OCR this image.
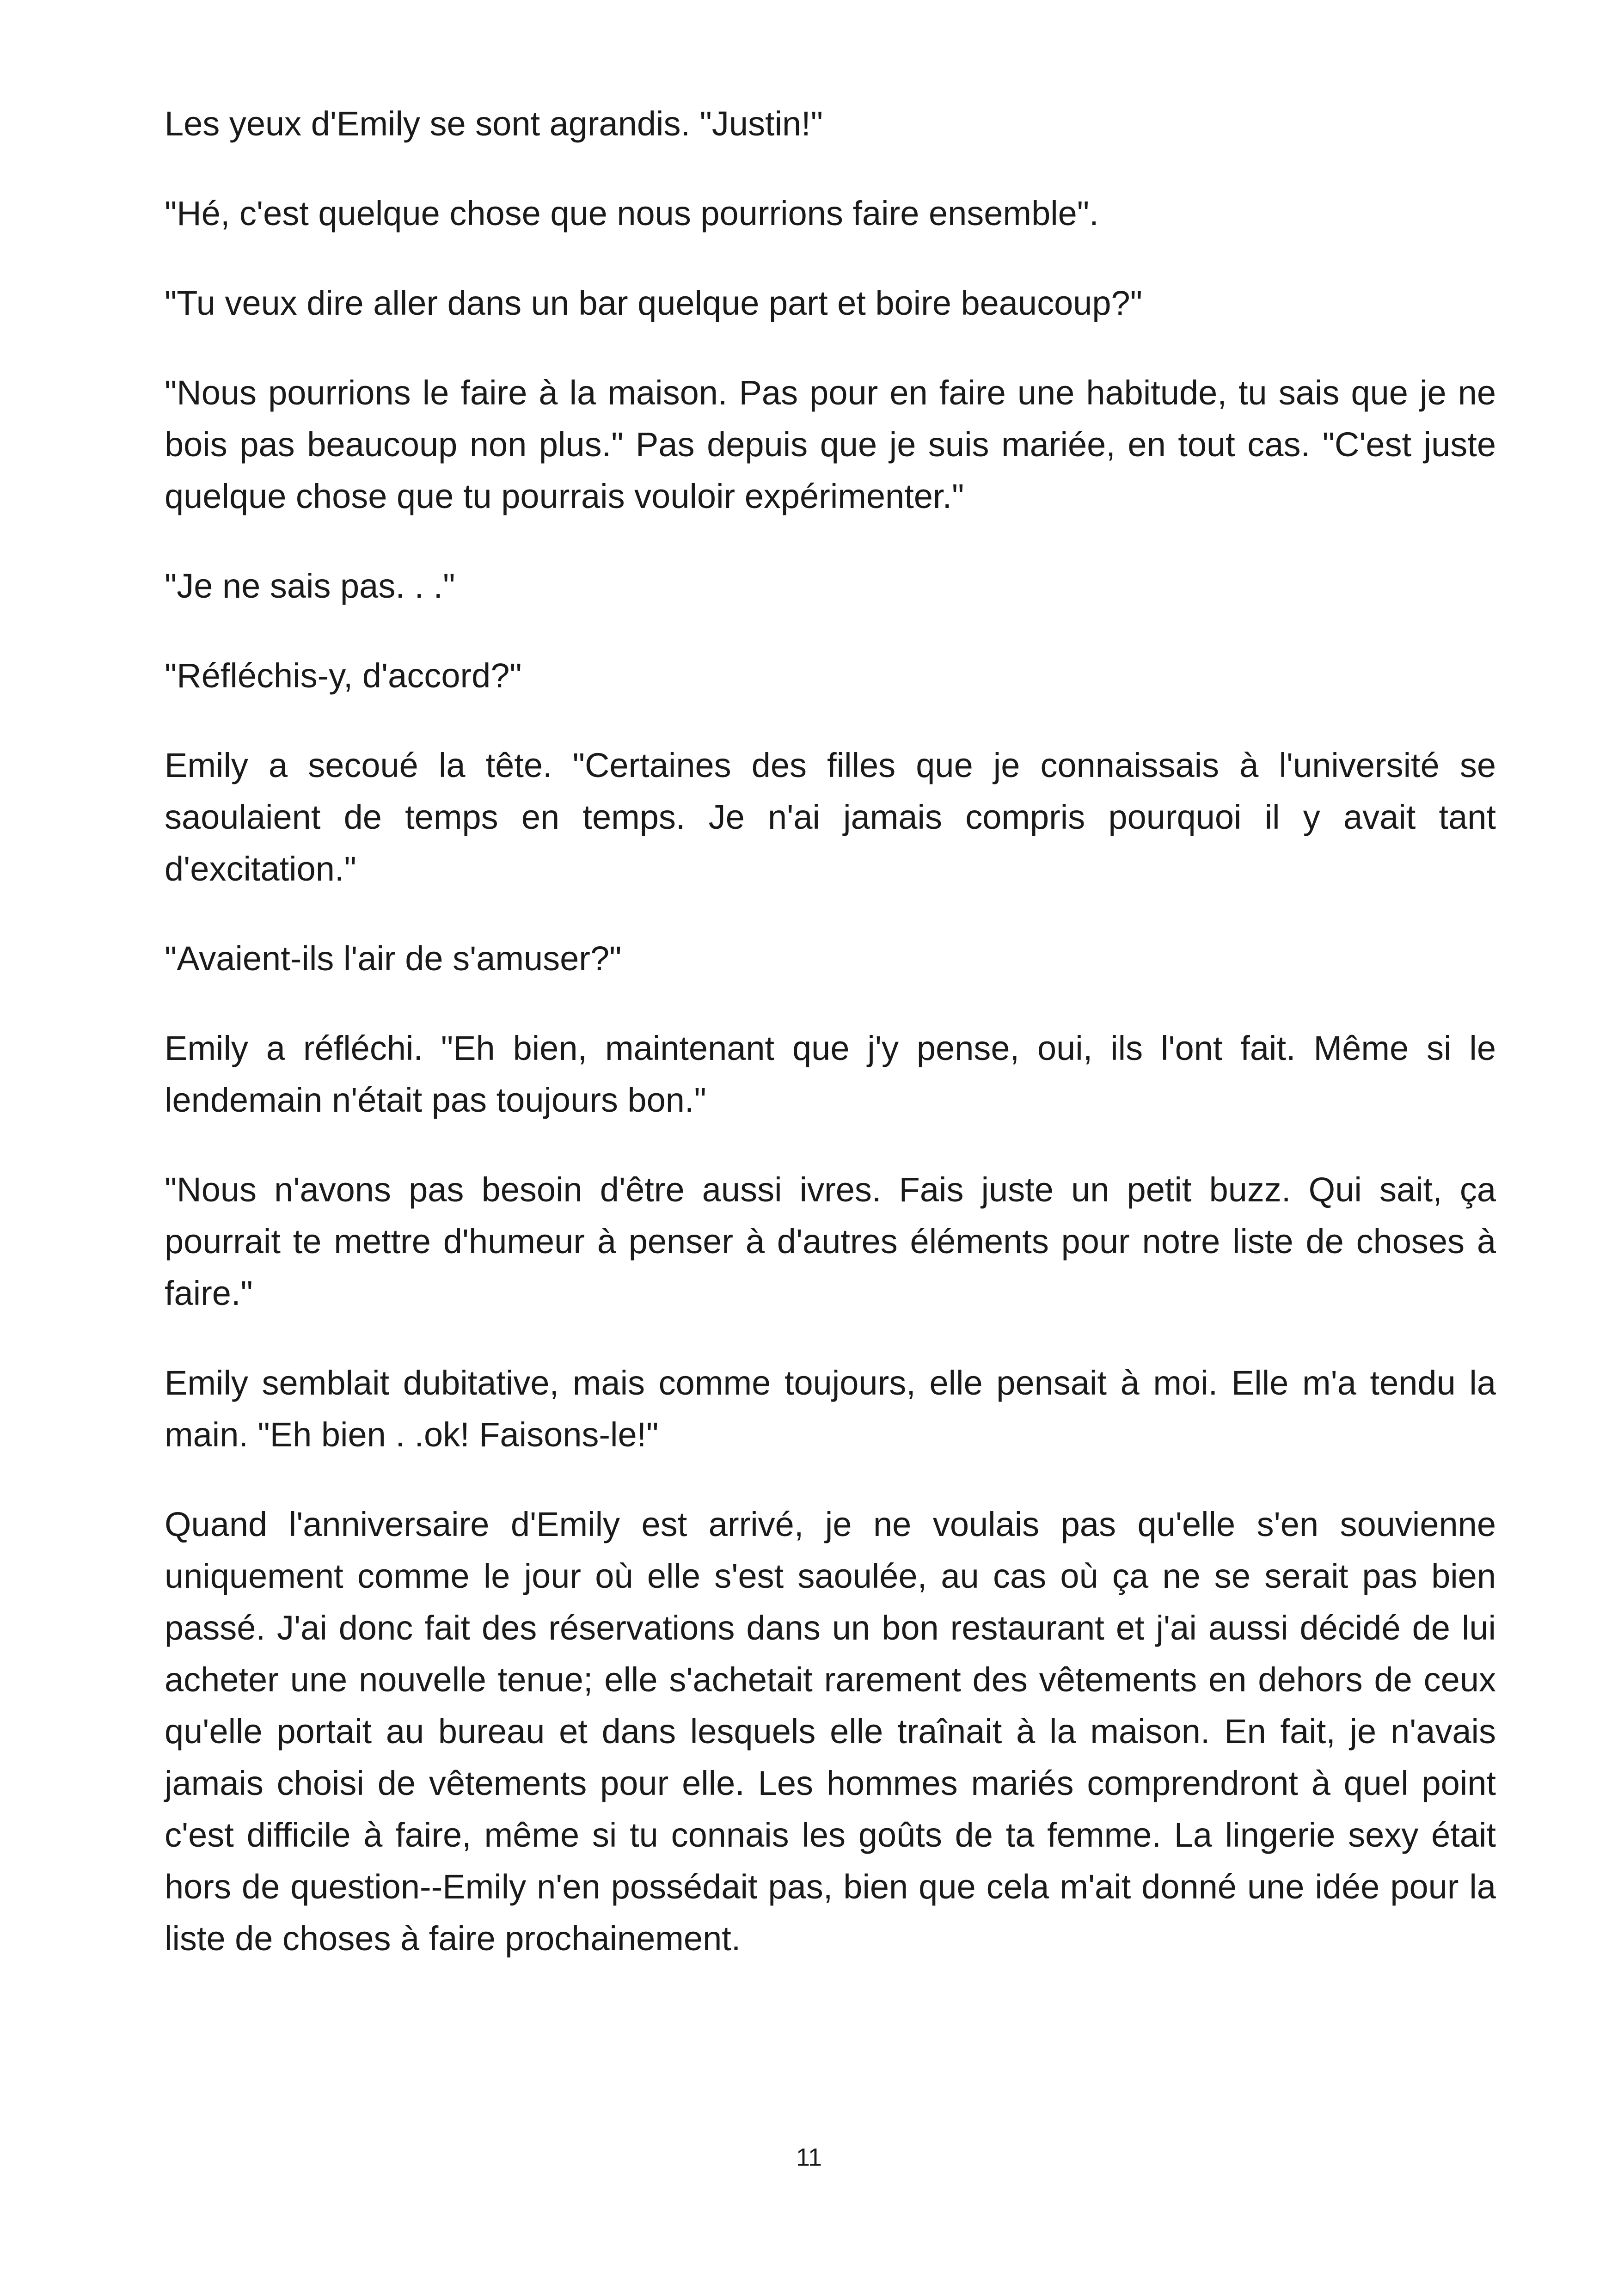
Les yeux d'Emily se sont agrandis. "Justin!"

"Hé, c'est quelque chose que nous pourrions faire ensemble".

"Tu veux dire aller dans un bar quelque part et boire beaucoup?"

"Nous pourrions le faire à la maison. Pas pour en faire une habitude, tu sais que je ne bois pas beaucoup non plus." Pas depuis que je suis mariée, en tout cas. "C'est juste quelque chose que tu pourrais vouloir expérimenter."

"Je ne sais pas. . ."

"Réfléchis-y, d'accord?"

Emily a secoué la tête. "Certaines des filles que je connaissais à l'université se saoulaient de temps en temps. Je n'ai jamais compris pourquoi il y avait tant d'excitation."

"Avaient-ils l'air de s'amuser?"

Emily a réfléchi. "Eh bien, maintenant que j'y pense, oui, ils l'ont fait. Même si le lendemain n'était pas toujours bon."

"Nous n'avons pas besoin d'être aussi ivres. Fais juste un petit buzz. Qui sait, ça pourrait te mettre d'humeur à penser à d'autres éléments pour notre liste de choses à faire."

Emily semblait dubitative, mais comme toujours, elle pensait à moi. Elle m'a tendu la main. "Eh bien . .ok! Faisons-le!"

Quand l'anniversaire d'Emily est arrivé, je ne voulais pas qu'elle s'en souvienne uniquement comme le jour où elle s'est saoulée, au cas où ça ne se serait pas bien passé. J'ai donc fait des réservations dans un bon restaurant et j'ai aussi décidé de lui acheter une nouvelle tenue; elle s'achetait rarement des vêtements en dehors de ceux qu'elle portait au bureau et dans lesquels elle traînait à la maison. En fait, je n'avais jamais choisi de vêtements pour elle. Les hommes mariés comprendront à quel point c'est difficile à faire, même si tu connais les goûts de ta femme. La lingerie sexy était hors de question--Emily n'en possédait pas, bien que cela m'ait donné une idée pour la liste de choses à faire prochainement.

11
